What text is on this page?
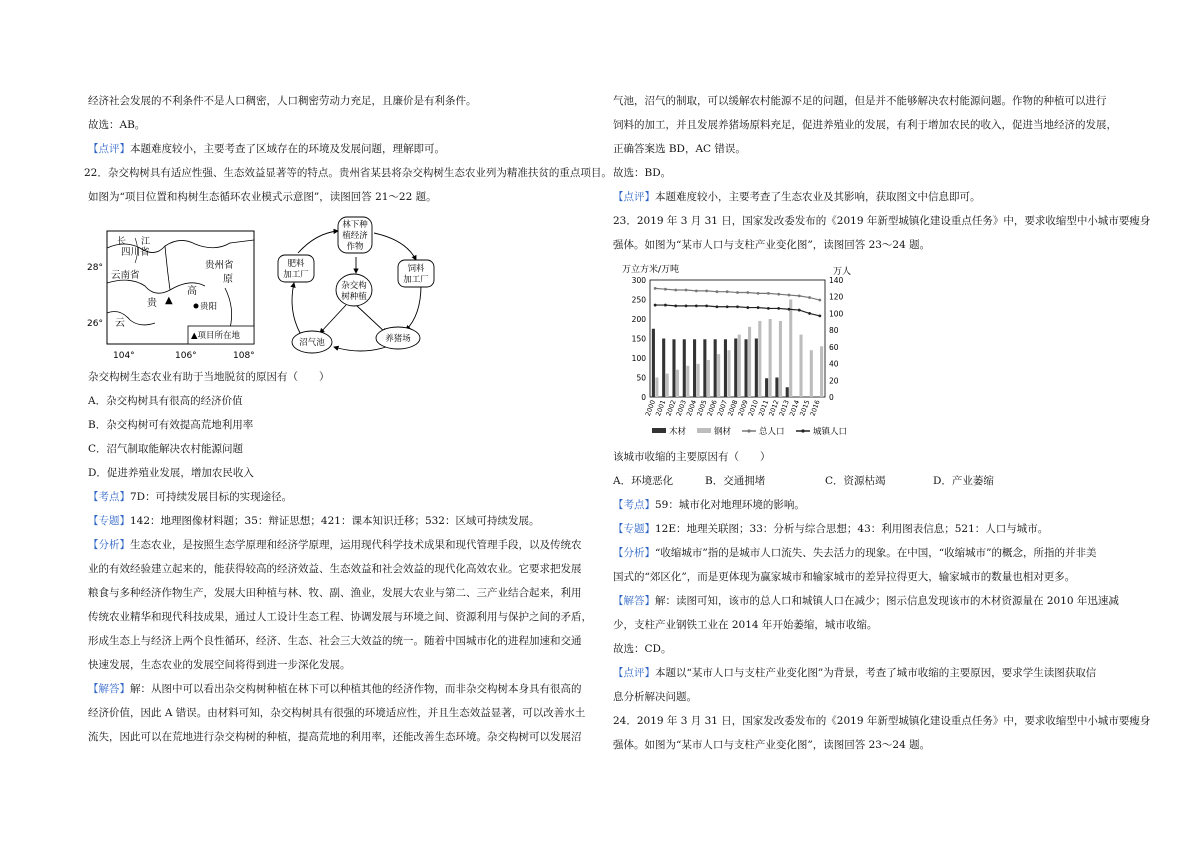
经济社会发展的不利条件不是人口稠密，人口稠密劳动力充足，且廉价是有利条件。
故选：AB。
【点评】本题难度较小，主要考查了区域存在的环境及发展问题，理解即可。
22．杂交构树具有适应性强、生态效益显著等的特点。贵州省某县将杂交构树生态农业列为精准扶贫的重点项目。
如图为“项目位置和构树生态循环农业模式示意图”，读图回答 21～22 题。
杂交构树生态农业有助于当地脱贫的原因有（　　）
A．杂交构树具有很高的经济价值
B．杂交构树可有效提高荒地利用率
C．沼气制取能解决农村能源问题
D．促进养殖业发展，增加农民收入
【考点】7D：可持续发展目标的实现途径。
【专题】142：地理图像材料题；35：辩证思想；421：课本知识迁移；532：区域可持续发展。
【分析】生态农业，是按照生态学原理和经济学原理，运用现代科学技术成果和现代管理手段，以及传统农
业的有效经验建立起来的，能获得较高的经济效益、生态效益和社会效益的现代化高效农业。它要求把发展
粮食与多种经济作物生产，发展大田种植与林、牧、副、渔业，发展大农业与第二、三产业结合起来，利用
传统农业精华和现代科技成果，通过人工设计生态工程、协调发展与环境之间、资源利用与保护之间的矛盾，
形成生态上与经济上两个良性循环，经济、生态、社会三大效益的统一。随着中国城市化的进程加速和交通
快速发展，生态农业的发展空间将得到进一步深化发展。
【解答】解：从图中可以看出杂交构树种植在林下可以种植其他的经济作物，而非杂交构树本身具有很高的
经济价值，因此 A 错误。由材料可知，杂交构树具有很强的环境适应性，并且生态效益显著，可以改善水土
流失，因此可以在荒地进行杂交构树的种植，提高荒地的利用率，还能改善生态环境。杂交构树可以发展沼
气池，沼气的制取，可以缓解农村能源不足的问题，但是并不能够解决农村能源问题。作物的种植可以进行
饲料的加工，并且发展养猪场原料充足，促进养殖业的发展，有利于增加农民的收入，促进当地经济的发展，
正确答案选 BD，AC 错误。
故选：BD。
【点评】本题难度较小，主要考查了生态农业及其影响，获取图文中信息即可。
23．2019 年 3 月 31 日，国家发改委发布的《2019 年新型城镇化建设重点任务》中，要求收缩型中小城市要瘦身
强体。如图为“某市人口与支柱产业变化图”，读图回答 23～24 题。
该城市收缩的主要原因有（　　）
A．环境恶化	B．交通拥堵	C．资源枯竭	D．产业萎缩
【考点】59：城市化对地理环境的影响。
【专题】12E：地理关联图；33：分析与综合思想；43：利用图表信息；521：人口与城市。
【分析】“收缩城市”指的是城市人口流失、失去活力的现象。在中国，“收缩城市”的概念，所指的并非美
国式的“郊区化”，而是更体现为赢家城市和输家城市的差异拉得更大，输家城市的数量也相对更多。
【解答】解：读图可知，该市的总人口和城镇人口在减少；图示信息发现该市的木材资源量在 2010 年迅速减
少，支柱产业钢铁工业在 2014 年开始萎缩，城市收缩。
故选：CD。
【点评】本题以“某市人口与支柱产业变化图”为背景，考查了城市收缩的主要原因，要求学生读图获取信
息分析解决问题。
24．2019 年 3 月 31 日，国家发改委发布的《2019 年新型城镇化建设重点任务》中，要求收缩型中小城市要瘦身
强体。如图为“某市人口与支柱产业变化图”，读图回答 23～24 题。
四川省
长 江
贵州省
云南省	原
高
贵 ▲
贵阳
云
▲项目所在地
28°
26°
104°	106°	108°
林下种植经济作物
饲料加工厂
养猪场
沼气池
肥料加工厂
杂交构树种植
万立方米/万吨	万人
0
50
100
150
200
250
300
0
20
40
60
80
100
120
140
2000
2001
2002
2003
2004
2005
2006
2007
2008
2009
2010
2011
2012
2013
2014
2015
2016
木材	钢材	总人口	城镇人口
